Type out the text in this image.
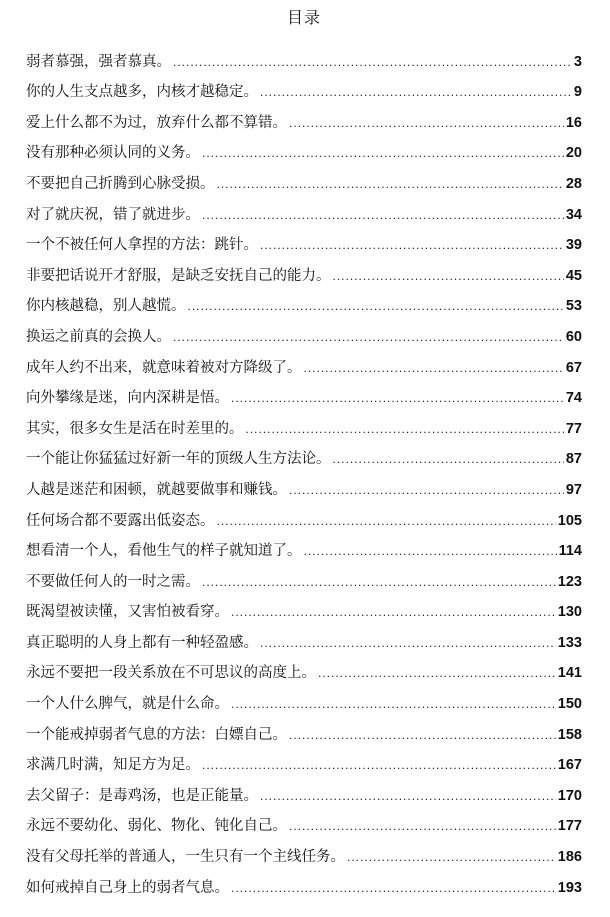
目录
弱者慕强，强者慕真。 .....	3
你的人生支点越多，内核才越稳定。 .....	9
爱上什么都不为过，放弃什么都不算错。 .....	16
没有那种必须认同的义务。 .....	20
不要把自己折腾到心脉受损。 .....	28
对了就庆祝，错了就进步。 .....	34
一个不被任何人拿捏的方法：跳针。 .....	39
非要把话说开才舒服，是缺乏安抚自己的能力。 .....	45
你内核越稳，别人越慌。 .....	53
换运之前真的会换人。 .....	60
成年人约不出来，就意味着被对方降级了。 .....	67
向外攀缘是迷，向内深耕是悟。 .....	74
其实，很多女生是活在时差里的。 .....	77
一个能让你猛猛过好新一年的顶级人生方法论。 .....	87
人越是迷茫和困顿，就越要做事和赚钱。 .....	97
任何场合都不要露出低姿态。 .....	105
想看清一个人，看他生气的样子就知道了。 .....	114
不要做任何人的一时之需。 .....	123
既渴望被读懂，又害怕被看穿。 .....	130
真正聪明的人身上都有一种轻盈感。 .....	133
永远不要把一段关系放在不可思议的高度上。 .....	141
一个人什么脾气，就是什么命。 .....	150
一个能戒掉弱者气息的方法：白嫖自己。 .....	158
求满几时满，知足方为足。 .....	167
去父留子：是毒鸡汤，也是正能量。 .....	170
永远不要幼化、弱化、物化、钝化自己。 .....	177
没有父母托举的普通人，一生只有一个主线任务。 .....	186
如何戒掉自己身上的弱者气息。 .....	193
